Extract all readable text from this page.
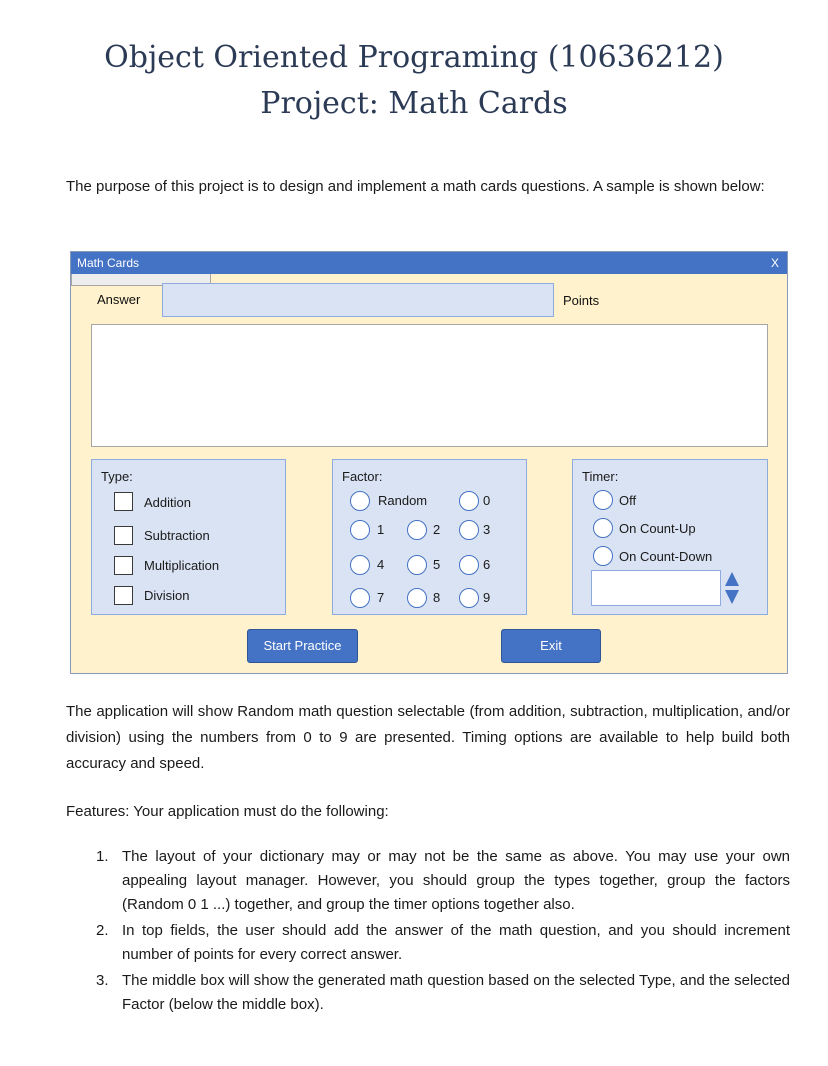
Object Oriented Programing (10636212)
Project: Math Cards

The purpose of this project is to design and implement a math cards questions. A sample is shown below:

Math Cards	X
Answer	Points
Type:
Addition
Subtraction
Multiplication
Division
Factor:
Random	0
1	2	3
4	5	6
7	8	9
Timer:
Off
On Count-Up
On Count-Down
Start Practice	Exit

The application will show Random math question selectable (from addition, subtraction, multiplication, and/or division) using the numbers from 0 to 9 are presented. Timing options are available to help build both accuracy and speed.

Features: Your application must do the following:

1. The layout of your dictionary may or may not be the same as above. You may use your own appealing layout manager. However, you should group the types together, group the factors (Random 0 1 ...) together, and group the timer options together also.
2. In top fields, the user should add the answer of the math question, and you should increment number of points for every correct answer.
3. The middle box will show the generated math question based on the selected Type, and the selected Factor (below the middle box).
